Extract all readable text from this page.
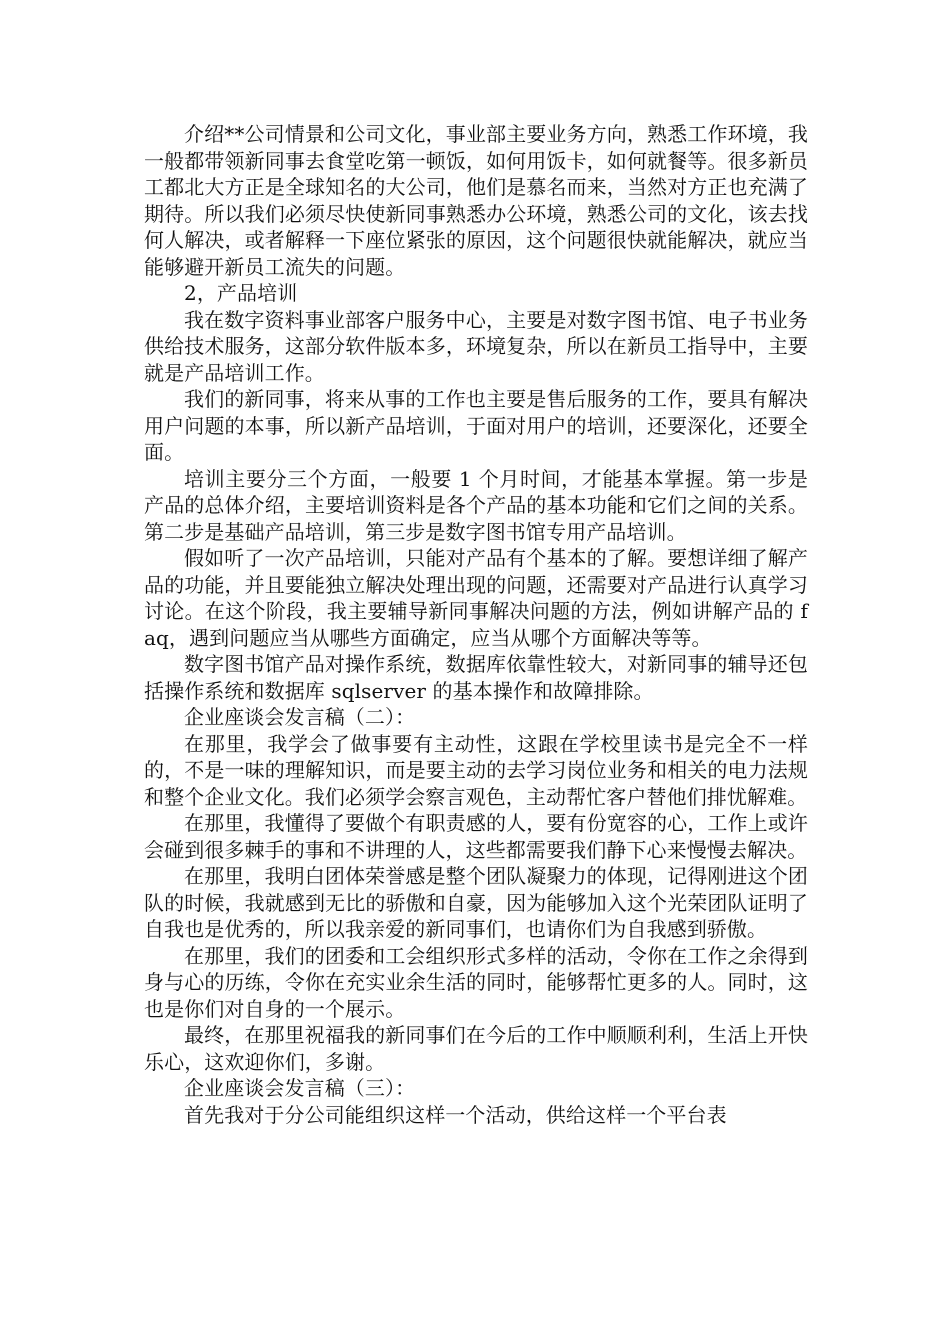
介绍**公司情景和公司文化，事业部主要业务方向，熟悉工作环境，我一般都带领新同事去食堂吃第一顿饭，如何用饭卡，如何就餐等。很多新员工都北大方正是全球知名的大公司，他们是慕名而来，当然对方正也充满了期待。所以我们必须尽快使新同事熟悉办公环境，熟悉公司的文化，该去找何人解决，或者解释一下座位紧张的原因，这个问题很快就能解决，就应当能够避开新员工流失的问题。

2，产品培训

我在数字资料事业部客户服务中心，主要是对数字图书馆、电子书业务供给技术服务，这部分软件版本多，环境复杂，所以在新员工指导中，主要就是产品培训工作。

我们的新同事，将来从事的工作也主要是售后服务的工作，要具有解决用户问题的本事，所以新产品培训，于面对用户的培训，还要深化，还要全面。

培训主要分三个方面，一般要 1 个月时间，才能基本掌握。第一步是产品的总体介绍，主要培训资料是各个产品的基本功能和它们之间的关系。第二步是基础产品培训，第三步是数字图书馆专用产品培训。

假如听了一次产品培训，只能对产品有个基本的了解。要想详细了解产品的功能，并且要能独立解决处理出现的问题，还需要对产品进行认真学习讨论。在这个阶段，我主要辅导新同事解决问题的方法，例如讲解产品的 faq，遇到问题应当从哪些方面确定，应当从哪个方面解决等等。

数字图书馆产品对操作系统，数据库依靠性较大，对新同事的辅导还包括操作系统和数据库 sqlserver 的基本操作和故障排除。

企业座谈会发言稿（二）：

在那里，我学会了做事要有主动性，这跟在学校里读书是完全不一样的，不是一味的理解知识，而是要主动的去学习岗位业务和相关的电力法规和整个企业文化。我们必须学会察言观色，主动帮忙客户替他们排忧解难。

在那里，我懂得了要做个有职责感的人，要有份宽容的心，工作上或许会碰到很多棘手的事和不讲理的人，这些都需要我们静下心来慢慢去解决。

在那里，我明白团体荣誉感是整个团队凝聚力的体现，记得刚进这个团队的时候，我就感到无比的骄傲和自豪，因为能够加入这个光荣团队证明了自我也是优秀的，所以我亲爱的新同事们，也请你们为自我感到骄傲。

在那里，我们的团委和工会组织形式多样的活动，令你在工作之余得到身与心的历练，令你在充实业余生活的同时，能够帮忙更多的人。同时，这也是你们对自身的一个展示。

最终，在那里祝福我的新同事们在今后的工作中顺顺利利，生活上开快乐心，这欢迎你们，多谢。

企业座谈会发言稿（三）：

首先我对于分公司能组织这样一个活动，供给这样一个平台表
